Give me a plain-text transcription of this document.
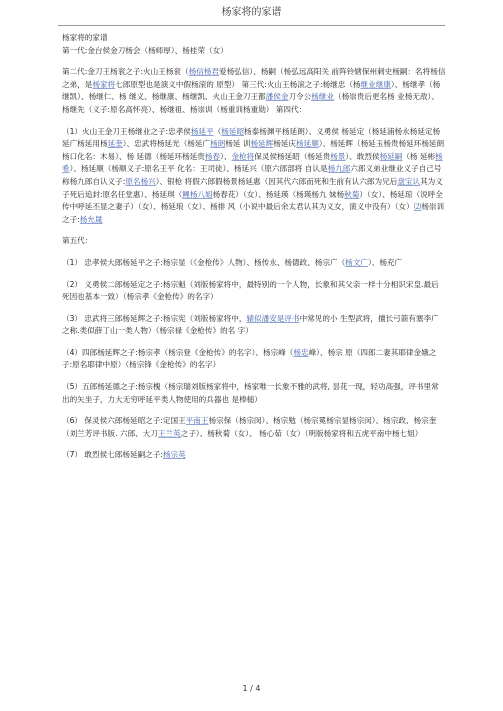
杨家将的家谱

杨家将的家谱

第一代:金台侯金刀杨会（杨师厚）、杨桂荣（女）

第二代:金刀王杨衮之子:火山王杨衮（杨信杨君爱杨弘信）、杨嗣（杨弘远高阳关 前阵铃辖保州刺史杨嗣：名将杨信之弟，是杨家将七郎原型也是演义中假杨滚的 原型） 第三代:火山王杨滚之子:杨继忠（杨继业继康）、杨继孝（杨继凯）、杨继仁、杨 继义、杨继康、杨继凯、火山王金刀王都潘侯金刀令公杨继业（杨崇贵后更名杨 业杨无敌）、杨继先（义子:原名高怀亮）、杨继祖、杨崇训（杨重训杨重勋） 第四代：

（1）火山王金刀王杨继业之子:忠孝侯杨延平（杨延昭杨泰杨渊平杨延朗）、义勇侯 杨延定（杨延浦杨永杨延定杨延广杨延用杨延奎）、忠武将杨延光（杨延广杨朗杨延 训杨延辉杨延庆杨延顺）、杨延辉（杨延玉杨贵杨延环杨延朗杨口化名：木易）、杨 延德（杨延环杨延贵杨春）、金枪将保灵侯杨延昭（杨延贵杨景）、敢烈侯杨延嗣（杨 延彬杨希）、杨延顺（杨顺义子:原名王平 化名：王司徒）、杨延兴（原六郎部将 自认是杨九郎六郎义弟业继业义子自己号称杨九郎自认义子:原名杨兴）、银枪 将假六郎假杨景杨延惠（因其代六郎而死和生前有认六郎为兄后盘宝认其为义 子死后追封:原名任堂惠）、杨延琪（鲤杨八姐杨春花）（女）、杨延瑛（杨瑛杨九 妹杨秋菊）（女）、杨延琼（说呼全传中呼延丕显之妻子）（女）、杨延琅（女）、杨排 风（小说中最后余太君认其为义女，演义中没有）（女）⑵杨崇训之子:杨允晟

第五代：

（1） 忠孝侯大郎杨延平之子:杨宗显（《金枪传》人物）、杨传永、杨德政、杨宗广（杨文广）、杨充广

（2） 义勇侯二郎杨延定之子:杨宗魁（刘版杨家将中，最特别的一个人物，长象和其父亲一样十分相识宋皇.最后死因也基本一致）（杨宗孝《金枪传》的名字）

（3） 忠武将三郎杨延辉之子:杨宗宪（刘版杨家将中，辕似潘安是评书中常见的小 生型武将，擅长弓箭有塞李广之称.类似薛丁山一类人物）（杨宗禄《金枪传》的名 字）

（4）四郎杨延辉之子:杨宗孝（杨宗登《金枪传》的名字）、杨宗峰（杨忠峰）、杨宗 原（四郎二妻其耶律金娥之子:原名耶律中原）（杨宗锋《金枪传》的名字）

（5）五郎杨延德之子:杨宗槐（杨宗瑞刘版杨家将中，杨家唯一长象不雅的武将, 昙花一现，轻功高强，评书里常出的矢坐子，力大无穷呼延平类人物使用的兵器也 是棒槌）

（6） 保灵侯六郎杨延昭之子:定国王平南王杨宗保（杨宗闵）、杨宗勉（杨宗冕杨宗显杨宗闵）、杨宗政、杨宗奎（刘兰芳评书版. 六郎、大刀王兰英之子）、杨秋菊（女）、 杨心茹（女）（明版杨家将和五虎平南中杨七姐）

（7） 敢烈侯七郎杨延嗣之子:杨宗英

1 / 4
